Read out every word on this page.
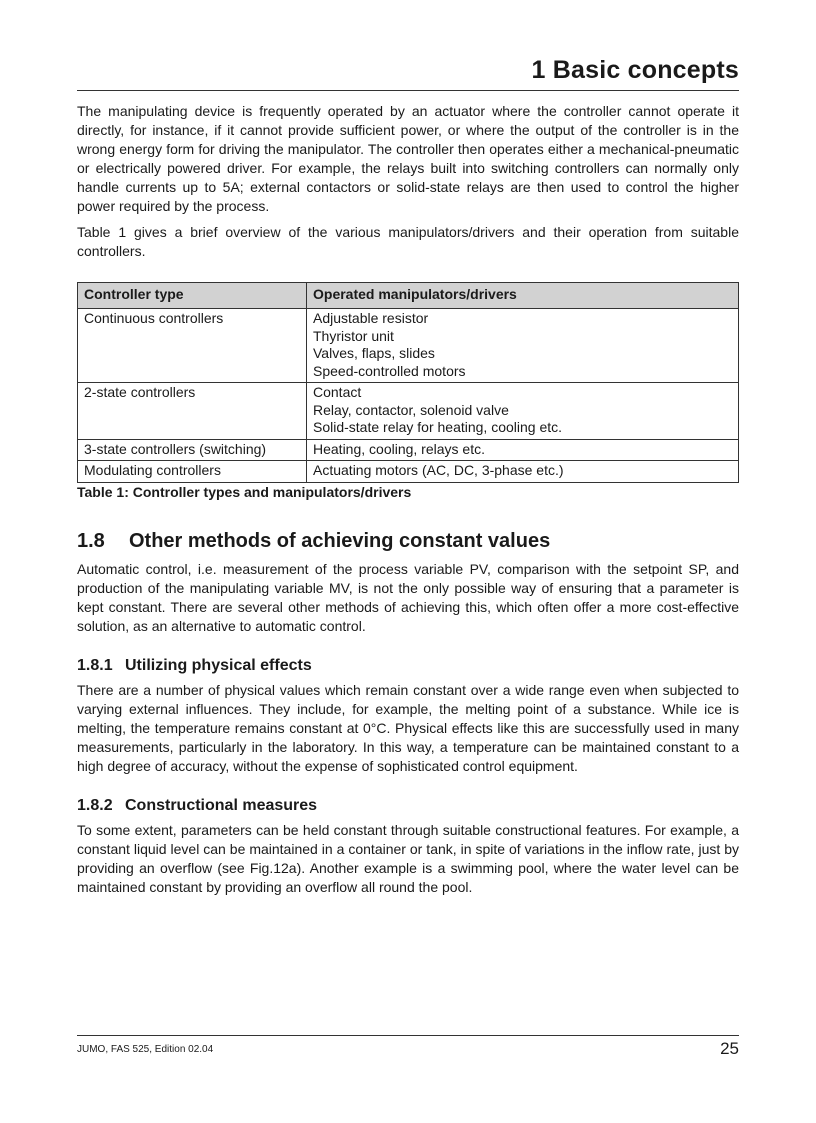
1 Basic concepts

The manipulating device is frequently operated by an actuator where the controller cannot operate it directly, for instance, if it cannot provide sufficient power, or where the output of the controller is in the wrong energy form for driving the manipulator. The controller then operates either a mechanical-pneumatic or electrically powered driver. For example, the relays built into switching controllers can normally only handle currents up to 5A; external contactors or solid-state relays are then used to control the higher power required by the process.

Table 1 gives a brief overview of the various manipulators/drivers and their operation from suitable controllers.

Controller type	Operated manipulators/drivers
Continuous controllers	Adjustable resistor
Thyristor unit
Valves, flaps, slides
Speed-controlled motors

2-state controllers	Contact
Relay, contactor, solenoid valve
Solid-state relay for heating, cooling etc.

3-state controllers (switching)	Heating, cooling, relays etc.

Modulating controllers	Actuating motors (AC, DC, 3-phase etc.)

Table 1: Controller types and manipulators/drivers

1.8 Other methods of achieving constant values

Automatic control, i.e. measurement of the process variable PV, comparison with the setpoint SP, and production of the manipulating variable MV, is not the only possible way of ensuring that a parameter is kept constant. There are several other methods of achieving this, which often offer a more cost-effective solution, as an alternative to automatic control.

1.8.1 Utilizing physical effects

There are a number of physical values which remain constant over a wide range even when subjected to varying external influences. They include, for example, the melting point of a substance. While ice is melting, the temperature remains constant at 0°C. Physical effects like this are successfully used in many measurements, particularly in the laboratory. In this way, a temperature can be maintained constant to a high degree of accuracy, without the expense of sophisticated control equipment.

1.8.2 Constructional measures

To some extent, parameters can be held constant through suitable constructional features. For example, a constant liquid level can be maintained in a container or tank, in spite of variations in the inflow rate, just by providing an overflow (see Fig.12a). Another example is a swimming pool, where the water level can be maintained constant by providing an overflow all round the pool.

JUMO, FAS 525, Edition 02.04	25
